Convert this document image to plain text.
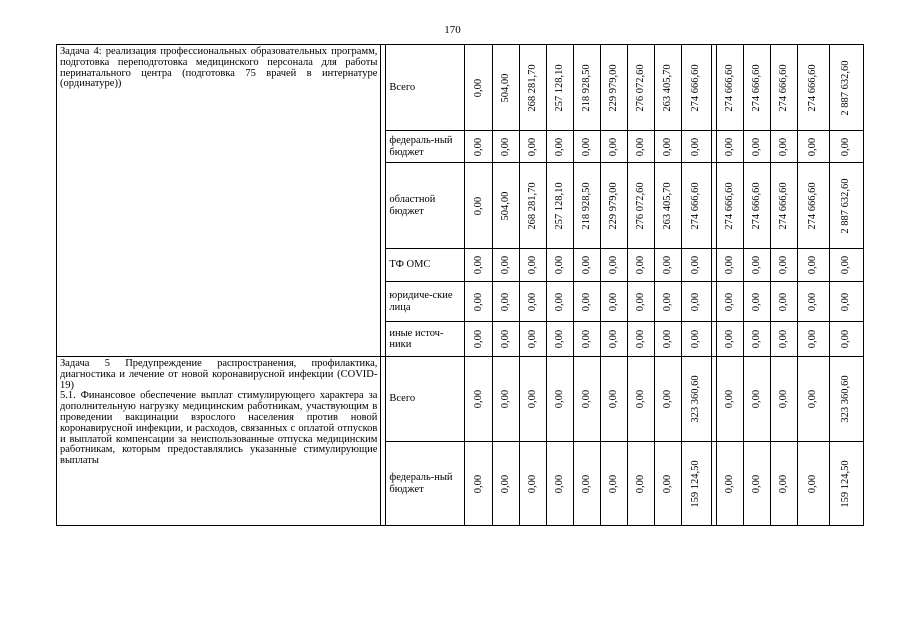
170
Задача 4: реализация профессиональных образовательных программ, подготовка переподготовка медицинского персонала для работы перинатального центра (подготовка 75 врачей в интернатуре (ординатуре))		Всего	0,00	504,00	268 281,70	257 128,10	218 928,50	229 979,00	276 072,60	263 405,70	274 666,60		274 666,60	274 666,60	274 666,60	274 666,60	2 887 632,60

		федераль-ный бюджет	0,00	0,00	0,00	0,00	0,00	0,00	0,00	0,00	0,00		0,00	0,00	0,00	0,00	0,00

		областной бюджет	0,00	504,00	268 281,70	257 128,10	218 928,50	229 979,00	276 072,60	263 405,70	274 666,60		274 666,60	274 666,60	274 666,60	274 666,60	2 887 632,60

		ТФ ОМС	0,00	0,00	0,00	0,00	0,00	0,00	0,00	0,00	0,00		0,00	0,00	0,00	0,00	0,00

		юридиче-ские лица	0,00	0,00	0,00	0,00	0,00	0,00	0,00	0,00	0,00		0,00	0,00	0,00	0,00	0,00

		иные источ-ники	0,00	0,00	0,00	0,00	0,00	0,00	0,00	0,00	0,00		0,00	0,00	0,00	0,00	0,00

Задача 5 Предупреждение распространения, профилактика, диагностика и лечение от новой коронавирусной инфекции (COVID-19)
5.1. Финансовое обеспечение выплат стимулирующего характера за дополнительную нагрузку медицинским работникам, участвующим в проведении вакцинации взрослого населения против новой коронавирусной инфекции, и расходов, связанных с оплатой отпусков и выплатой компенсации за неиспользованные отпуска медицинским работникам, которым предоставлялись указанные стимулирующие выплаты		Всего	0,00	0,00	0,00	0,00	0,00	0,00	0,00	0,00	323 360,60		0,00	0,00	0,00	0,00	323 360,60

		федераль-ный бюджет	0,00	0,00	0,00	0,00	0,00	0,00	0,00	0,00	159 124,50		0,00	0,00	0,00	0,00	159 124,50
